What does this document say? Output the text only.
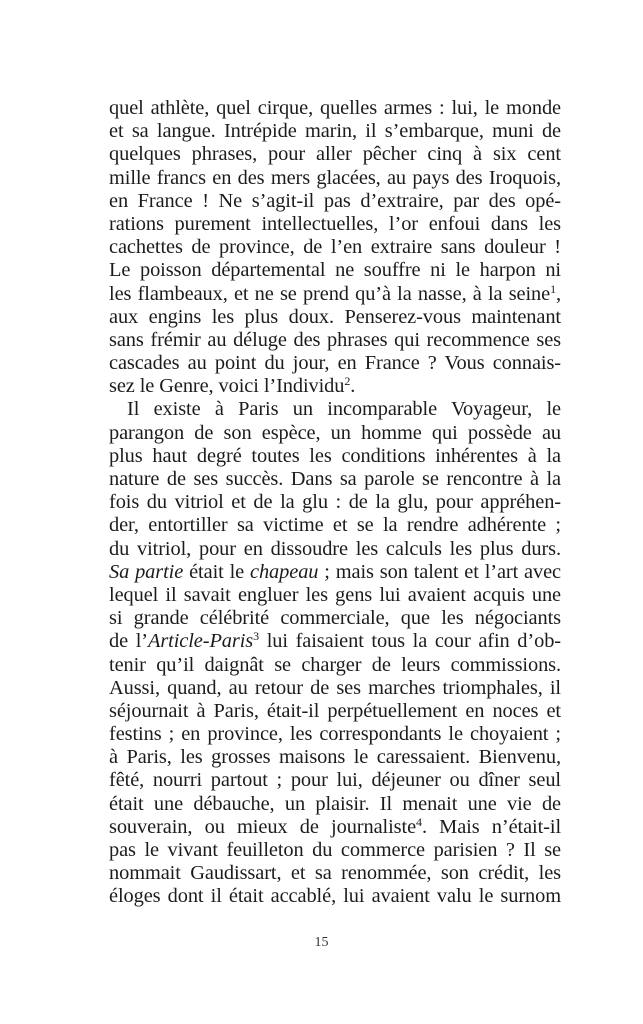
quel athlète, quel cirque, quelles armes : lui, le monde
et sa langue. Intrépide marin, il s’embarque, muni de
quelques phrases, pour aller pêcher cinq à six cent
mille francs en des mers glacées, au pays des Iroquois,
en France ! Ne s’agit-il pas d’extraire, par des opé-
rations purement intellectuelles, l’or enfoui dans les
cachettes de province, de l’en extraire sans douleur !
Le poisson départemental ne souffre ni le harpon ni
les flambeaux, et ne se prend qu’à la nasse, à la seine$^1$,
aux engins les plus doux. Penserez-vous maintenant
sans frémir au déluge des phrases qui recommence ses
cascades au point du jour, en France ? Vous connais-
sez le Genre, voici l’Individu$^2$.
Il existe à Paris un incomparable Voyageur, le
parangon de son espèce, un homme qui possède au
plus haut degré toutes les conditions inhérentes à la
nature de ses succès. Dans sa parole se rencontre à la
fois du vitriol et de la glu : de la glu, pour appréhen-
der, entortiller sa victime et se la rendre adhérente ;
du vitriol, pour en dissoudre les calculs les plus durs.
Sa partie était le chapeau ; mais son talent et l’art avec
lequel il savait engluer les gens lui avaient acquis une
si grande célébrité commerciale, que les négociants
de l’Article-Paris$^3$ lui faisaient tous la cour afin d’ob-
tenir qu’il daignât se charger de leurs commissions.
Aussi, quand, au retour de ses marches triomphales, il
séjournait à Paris, était-il perpétuellement en noces et
festins ; en province, les correspondants le choyaient ;
à Paris, les grosses maisons le caressaient. Bienvenu,
fêté, nourri partout ; pour lui, déjeuner ou dîner seul
était une débauche, un plaisir. Il menait une vie de
souverain, ou mieux de journaliste$^4$. Mais n’était-il
pas le vivant feuilleton du commerce parisien ? Il se
nommait Gaudissart, et sa renommée, son crédit, les
éloges dont il était accablé, lui avaient valu le surnom
15
